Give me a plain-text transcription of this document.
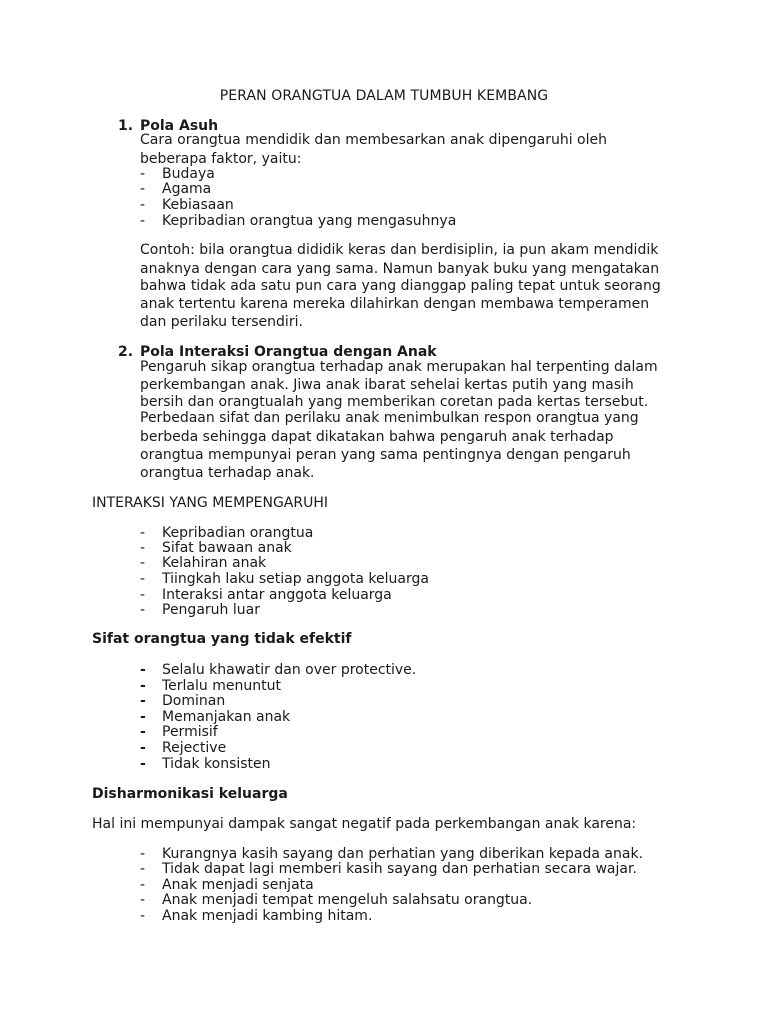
PERAN ORANGTUA DALAM TUMBUH KEMBANG
1. Pola Asuh
Cara orangtua mendidik dan membesarkan anak dipengaruhi oleh
beberapa faktor, yaitu:
- Budaya
- Agama
- Kebiasaan
- Kepribadian orangtua yang mengasuhnya
Contoh: bila orangtua dididik keras dan berdisiplin, ia pun akam mendidik
anaknya dengan cara yang sama. Namun banyak buku yang mengatakan
bahwa tidak ada satu pun cara yang dianggap paling tepat untuk seorang
anak tertentu karena mereka dilahirkan dengan membawa temperamen
dan perilaku tersendiri.
2. Pola Interaksi Orangtua dengan Anak
Pengaruh sikap orangtua terhadap anak merupakan hal terpenting dalam
perkembangan anak. Jiwa anak ibarat sehelai kertas putih yang masih
bersih dan orangtualah yang memberikan coretan pada kertas tersebut.
Perbedaan sifat dan perilaku anak menimbulkan respon orangtua yang
berbeda sehingga dapat dikatakan bahwa pengaruh anak terhadap
orangtua mempunyai peran yang sama pentingnya dengan pengaruh
orangtua terhadap anak.
INTERAKSI YANG MEMPENGARUHI
- Kepribadian orangtua
- Sifat bawaan anak
- Kelahiran anak
- Tiingkah laku setiap anggota keluarga
- Interaksi antar anggota keluarga
- Pengaruh luar
Sifat orangtua yang tidak efektif
- Selalu khawatir dan over protective.
- Terlalu menuntut
- Dominan
- Memanjakan anak
- Permisif
- Rejective
- Tidak konsisten
Disharmonikasi keluarga
Hal ini mempunyai dampak sangat negatif pada perkembangan anak karena:
- Kurangnya kasih sayang dan perhatian yang diberikan kepada anak.
- Tidak dapat lagi memberi kasih sayang dan perhatian secara wajar.
- Anak menjadi senjata
- Anak menjadi tempat mengeluh salahsatu orangtua.
- Anak menjadi kambing hitam.
